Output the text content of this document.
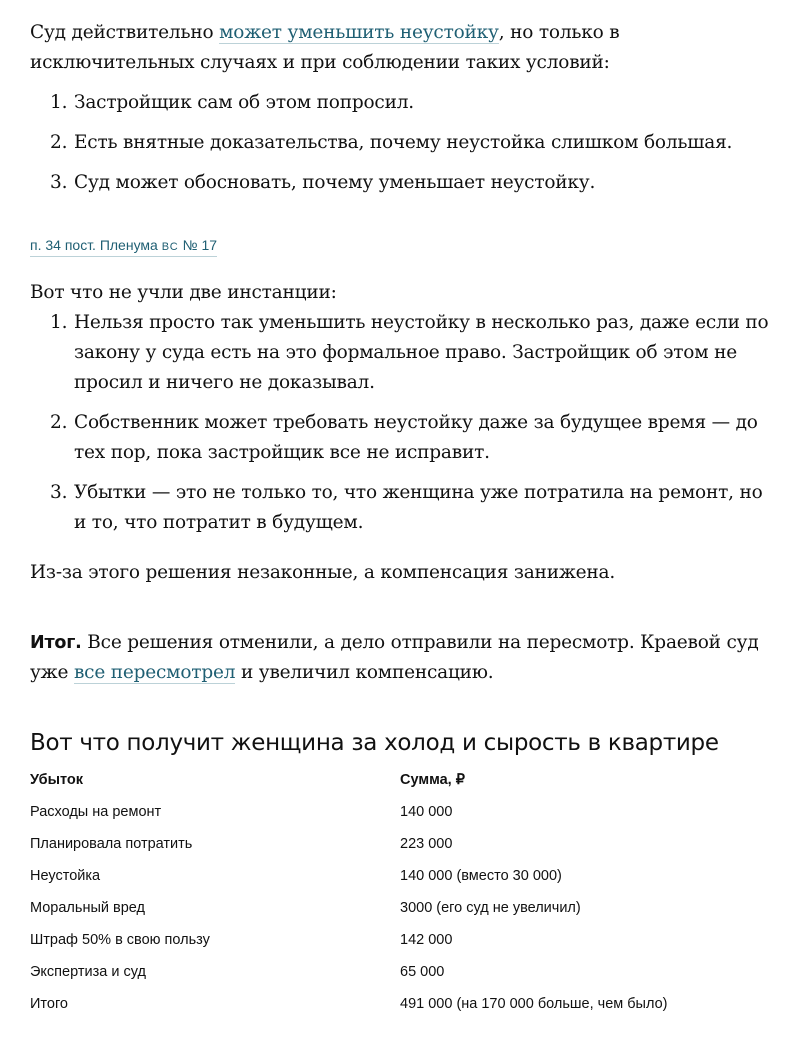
Суд действительно может уменьшить неустойку, но только в исключительных случаях и при соблюдении таких условий:

1. Застройщик сам об этом попросил.
2. Есть внятные доказательства, почему неустойка слишком большая.
3. Суд может обосновать, почему уменьшает неустойку.
п. 34 пост. Пленума ВС № 17

Вот что не учли две инстанции:

1. Нельзя просто так уменьшить неустойку в несколько раз, даже если по закону у суда есть на это формальное право. Застройщик об этом не просил и ничего не доказывал.
2. Собственник может требовать неустойку даже за будущее время — до тех пор, пока застройщик все не исправит.
3. Убытки — это не только то, что женщина уже потратила на ремонт, но и то, что потратит в будущем.

Из-за этого решения незаконные, а компенсация занижена.

Итог. Все решения отменили, а дело отправили на пересмотр. Краевой суд уже все пересмотрел и увеличил компенсацию.

Вот что получит женщина за холод и сырость в квартире
Убыток	Сумма, ₽
Расходы на ремонт	140 000
Планировала потратить	223 000
Неустойка	140 000 (вместо 30 000)
Моральный вред	3000 (его суд не увеличил)
Штраф 50% в свою пользу	142 000
Экспертиза и суд	65 000
Итого	491 000 (на 170 000 больше, чем было)
